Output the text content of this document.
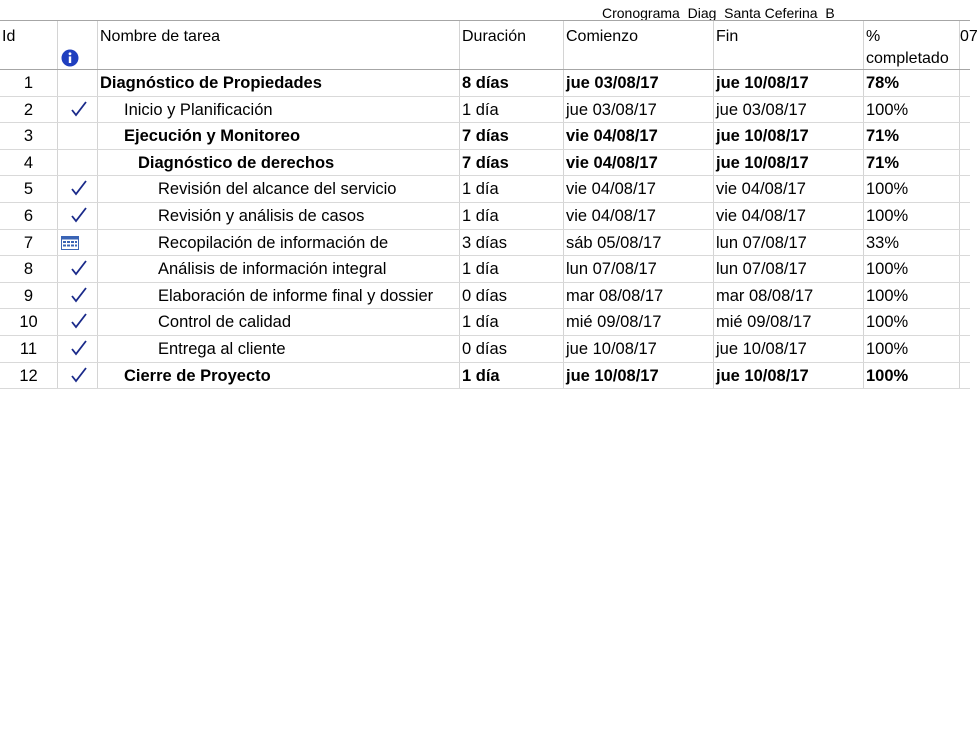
Cronograma_Diag_Santa Ceferina_B
Id	Nombre de tarea	Duración	Comienzo	Fin	%
completado
07
1	Diagnóstico de Propiedades	8 días	jue 03/08/17	jue 10/08/17	78%
2	Inicio y Planificación	1 día	jue 03/08/17	jue 03/08/17	100%
3	Ejecución y Monitoreo	7 días	vie 04/08/17	jue 10/08/17	71%
4	Diagnóstico de derechos	7 días	vie 04/08/17	jue 10/08/17	71%
5	Revisión del alcance del servicio	1 día	vie 04/08/17	vie 04/08/17	100%
6	Revisión y análisis de casos	1 día	vie 04/08/17	vie 04/08/17	100%
7	Recopilación de información de	3 días	sáb 05/08/17	lun 07/08/17	33%
8	Análisis de información integral	1 día	lun 07/08/17	lun 07/08/17	100%
9	Elaboración de informe final y dossier	0 días	mar 08/08/17	mar 08/08/17	100%
10	Control de calidad	1 día	mié 09/08/17	mié 09/08/17	100%
11	Entrega al cliente	0 días	jue 10/08/17	jue 10/08/17	100%
12	Cierre de Proyecto	1 día	jue 10/08/17	jue 10/08/17	100%
